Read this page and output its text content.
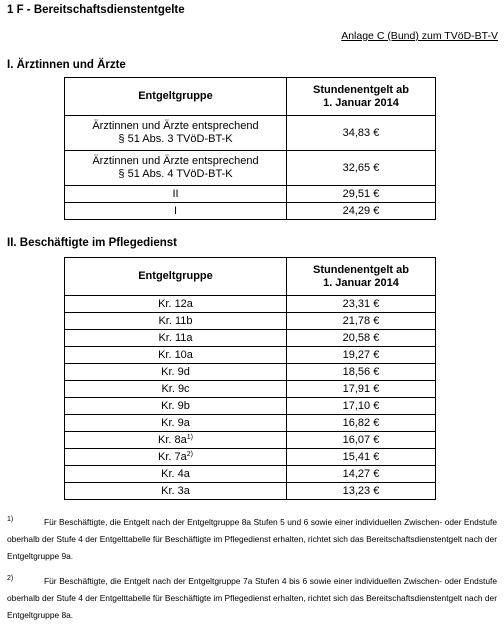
1 F - Bereitschaftsdienstentgelte
Anlage C (Bund) zum TVöD-BT-V
I. Ärztinnen und Ärzte
Entgeltgruppe	Stundenentgelt ab
1. Januar 2014
Ärztinnen und Ärzte entsprechend
§ 51 Abs. 3 TVöD-BT-K	34,83 €
Ärztinnen und Ärzte entsprechend
§ 51 Abs. 4 TVöD-BT-K	32,65 €
II	29,51 €
I	24,29 €
II. Beschäftigte im Pflegedienst
Entgeltgruppe	Stundenentgelt ab
1. Januar 2014
Kr. 12a	23,31 €
Kr. 11b	21,78 €
Kr. 11a	20,58 €
Kr. 10a	19,27 €
Kr. 9d	18,56 €
Kr. 9c	17,91 €
Kr. 9b	17,10 €
Kr. 9a	16,82 €
Kr. $8a^{1)}$	16,07 €
Kr. $7a^{2)}$	15,41 €
Kr. 4a	14,27 €
Kr. 3a	13,23 €
1)	Für Beschäftigte, die Entgelt nach der Entgeltgruppe 8a Stufen 5 und 6 sowie einer individuellen Zwischen- oder Endstufe oberhalb der Stufe 4 der Entgelttabelle für Beschäftigte im Pflegedienst erhalten, richtet sich das Bereitschaftsdienstentgelt nach der Entgeltgruppe 9a.
2)	Für Beschäftigte, die Entgelt nach der Entgeltgruppe 7a Stufen 4 bis 6 sowie einer individuellen Zwischen- oder Endstufe oberhalb der Stufe 4 der Entgelttabelle für Beschäftigte im Pflegedienst erhalten, richtet sich das Bereitschaftsdienstentgelt nach der Entgeltgruppe 8a.
